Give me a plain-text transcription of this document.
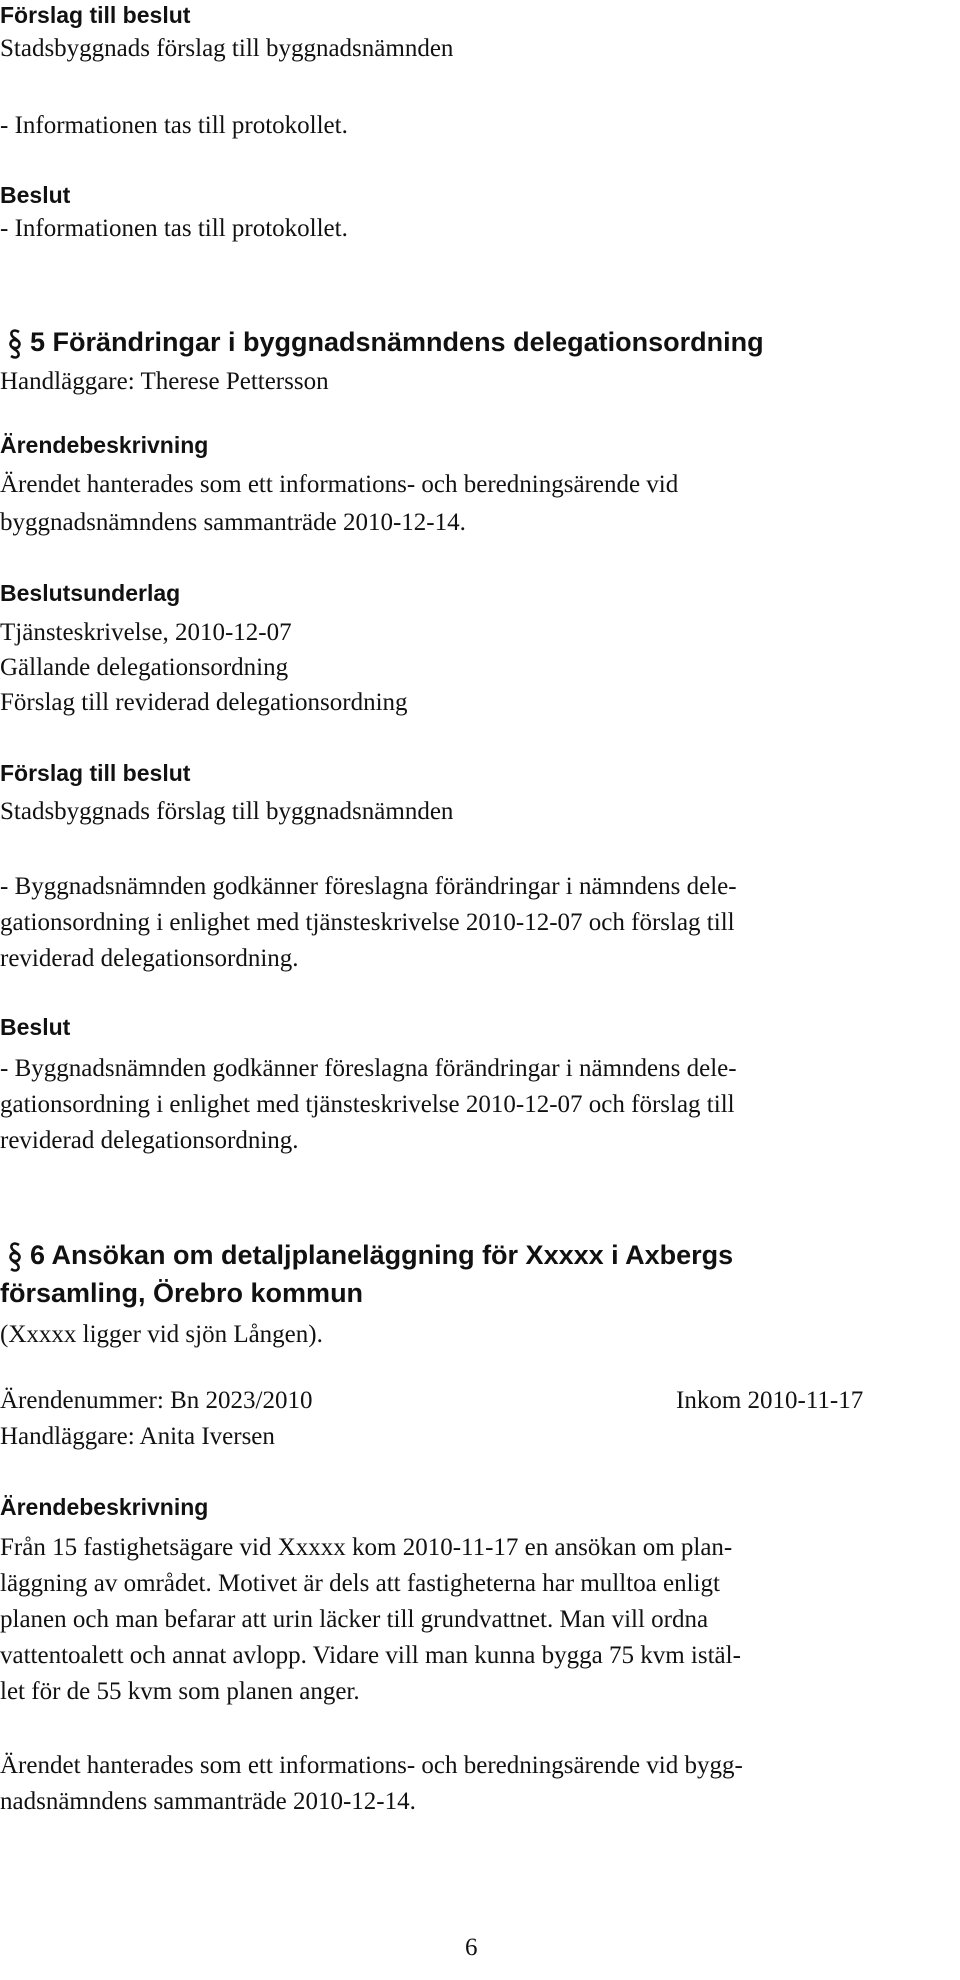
Förslag till beslut
Stadsbyggnads förslag till byggnadsnämnden
- Informationen tas till protokollet.
Beslut
- Informationen tas till protokollet.
5 Förändringar i byggnadsnämndens delegationsordning
Handläggare: Therese Pettersson
Ärendebeskrivning
Ärendet hanterades som ett informations- och beredningsärende vid
byggnadsnämndens sammanträde 2010-12-14.
Beslutsunderlag
Tjänsteskrivelse, 2010-12-07
Gällande delegationsordning
Förslag till reviderad delegationsordning
Förslag till beslut
Stadsbyggnads förslag till byggnadsnämnden
- Byggnadsnämnden godkänner föreslagna förändringar i nämndens dele-
gationsordning i enlighet med tjänsteskrivelse 2010-12-07 och förslag till
reviderad delegationsordning.
Beslut
- Byggnadsnämnden godkänner föreslagna förändringar i nämndens dele-
gationsordning i enlighet med tjänsteskrivelse 2010-12-07 och förslag till
reviderad delegationsordning.
6 Ansökan om detaljplaneläggning för Xxxxx i Axbergs
församling, Örebro kommun
(Xxxxx ligger vid sjön Lången).
Ärendenummer: Bn 2023/2010	Inkom 2010-11-17
Handläggare: Anita Iversen
Ärendebeskrivning
Från 15 fastighetsägare vid Xxxxx kom 2010-11-17 en ansökan om plan-
läggning av området. Motivet är dels att fastigheterna har mulltoa enligt
planen och man befarar att urin läcker till grundvattnet. Man vill ordna
vattentoalett och annat avlopp. Vidare vill man kunna bygga 75 kvm istäl-
let för de 55 kvm som planen anger.
Ärendet hanterades som ett informations- och beredningsärende vid bygg-
nadsnämndens sammanträde 2010-12-14.
6
